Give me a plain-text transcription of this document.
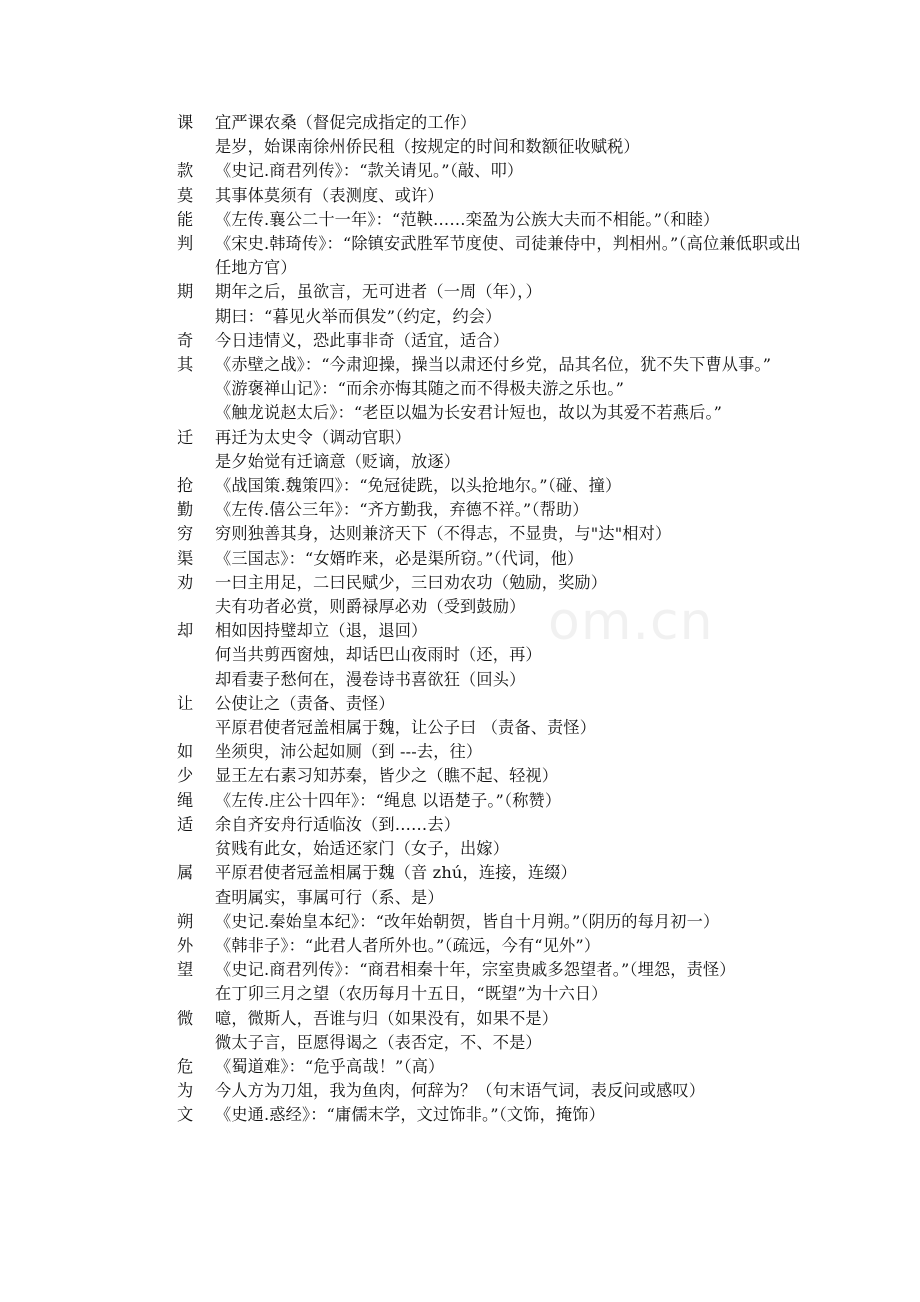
课	宜严课农桑（督促完成指定的工作）
是岁，始课南徐州侨民租（按规定的时间和数额征收赋税）
款	《史记.商君列传》：“款关请见。”（敲、叩）
莫	其事体莫须有（表测度、或许）
能	《左传.襄公二十一年》：“范鞅……栾盈为公族大夫而不相能。”（和睦）
判	《宋史.韩琦传》：“除镇安武胜军节度使、司徒兼侍中，判相州。”（高位兼低职或出任地方官）
期	期年之后，虽欲言，无可进者（一周（年），）
期曰：“暮见火举而俱发”（约定，约会）
奇	今日违情义，恐此事非奇（适宜，适合）
其	《赤壁之战》：“今肃迎操，操当以肃还付乡党，品其名位，犹不失下曹从事。”
《游褒禅山记》：“而余亦悔其随之而不得极夫游之乐也。”
《触龙说赵太后》：“老臣以媪为长安君计短也，故以为其爱不若燕后。”
迁	再迁为太史令（调动官职）
是夕始觉有迁谪意（贬谪，放逐）
抢	《战国策.魏策四》：“免冠徒跣，以头抢地尔。”（碰、撞）
勤	《左传.僖公三年》：“齐方勤我，弃德不祥。”（帮助）
穷	穷则独善其身，达则兼济天下（不得志，不显贵，与"达"相对）
渠	《三国志》：“女婿昨来，必是渠所窃。”（代词，他）
劝	一曰主用足，二曰民赋少，三曰劝农功（勉励，奖励）
夫有功者必赏，则爵禄厚必劝（受到鼓励）
却	相如因持璧却立（退，退回）
何当共剪西窗烛，却话巴山夜雨时（还，再）
却看妻子愁何在，漫卷诗书喜欲狂（回头）
让	公使让之（责备、责怪）
平原君使者冠盖相属于魏，让公子曰 （责备、责怪）
如	坐须臾，沛公起如厕（到 ---去，往）
少	显王左右素习知苏秦，皆少之（瞧不起、轻视）
绳	《左传.庄公十四年》：“绳息 以语楚子。”（称赞）
适	余自齐安舟行适临汝（到……去）
贫贱有此女，始适还家门（女子，出嫁）
属	平原君使者冠盖相属于魏（音 zhú，连接，连缀）
查明属实，事属可行（系、是）
朔	《史记.秦始皇本纪》：“改年始朝贺，皆自十月朔。”（阴历的每月初一）
外	《韩非子》：“此君人者所外也。”（疏远，今有“见外”）
望	《史记.商君列传》：“商君相秦十年，宗室贵戚多怨望者。”（埋怨，责怪）
在丁卯三月之望（农历每月十五日，“既望”为十六日）
微	噫，微斯人，吾谁与归（如果没有，如果不是）
微太子言，臣愿得谒之（表否定，不、不是）
危	《蜀道难》：“危乎高哉！”（高）
为	今人方为刀俎，我为鱼肉，何辞为？（句末语气词，表反问或感叹）
文	《史通.惑经》：“庸儒末学，文过饰非。”（文饰，掩饰）
om.cn
